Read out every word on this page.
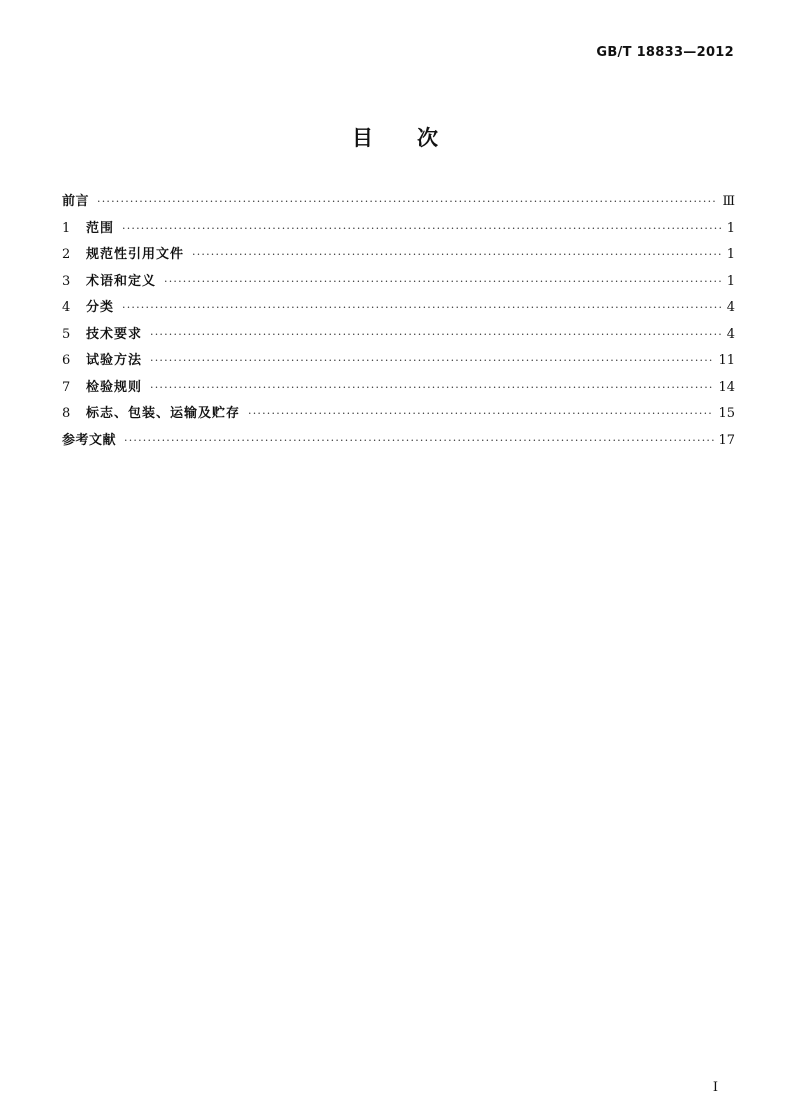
GB/T 18833—2012
目 次
前言 ·····	Ⅲ
1	范围 ·····	1
2	规范性引用文件 ·····	1
3	术语和定义 ·····	1
4	分类 ·····	4
5	技术要求 ·····	4
6	试验方法 ·····	11
7	检验规则 ·····	14
8	标志、包装、运输及贮存 ·····	15
参考文献 ·····	17
I
